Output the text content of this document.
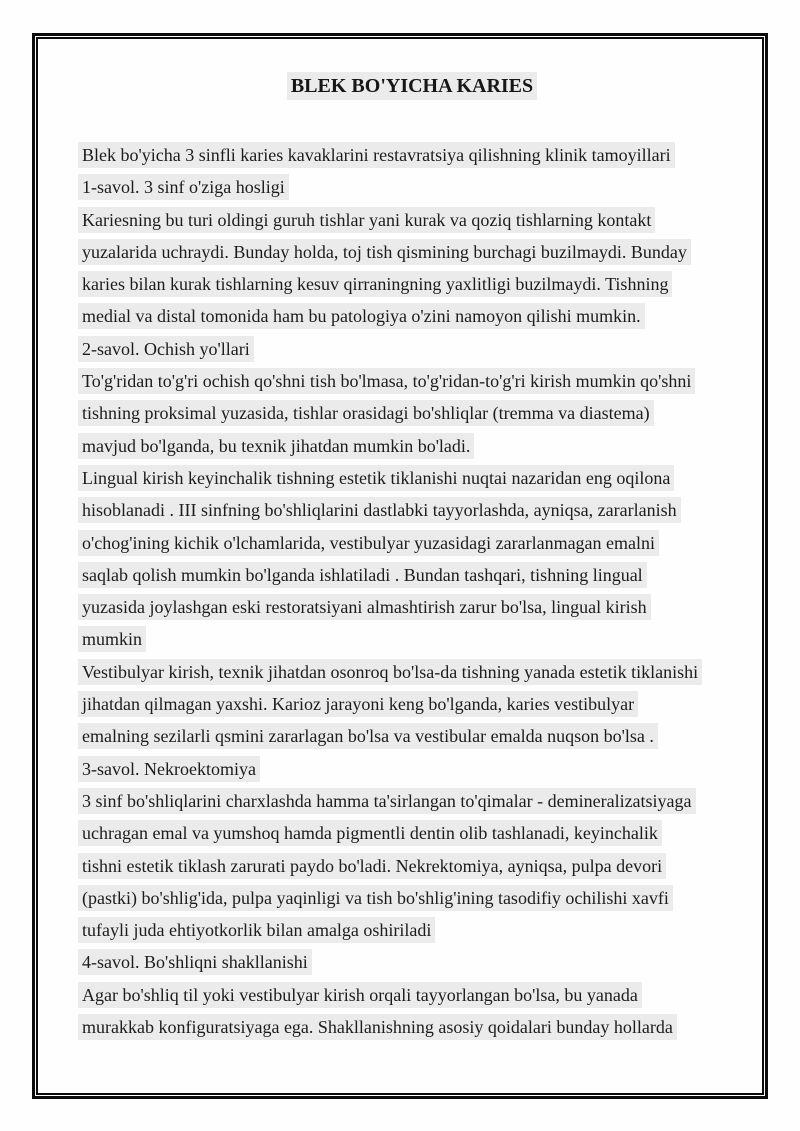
BLEK BO'YICHA KARIES
Blek bo'yicha 3 sinfli karies kavaklarini restavratsiya qilishning klinik tamoyillari
1-savol. 3 sinf o'ziga hosligi
Kariesning bu turi oldingi guruh tishlar yani kurak va qoziq tishlarning kontakt
yuzalarida uchraydi. Bunday holda, toj tish qismining burchagi buzilmaydi. Bunday
karies bilan kurak tishlarning kesuv qirraningning yaxlitligi buzilmaydi. Tishning
medial va distal tomonida ham bu patologiya o'zini namoyon qilishi mumkin.
2-savol. Ochish yo'llari
To'g'ridan to'g'ri ochish qo'shni tish bo'lmasa, to'g'ridan-to'g'ri kirish mumkin qo'shni
tishning proksimal yuzasida, tishlar orasidagi bo'shliqlar (tremma va diastema)
mavjud bo'lganda, bu texnik jihatdan mumkin bo'ladi.
Lingual kirish keyinchalik tishning estetik tiklanishi nuqtai nazaridan eng oqilona
hisoblanadi . III sinfning bo'shliqlarini dastlabki tayyorlashda, ayniqsa, zararlanish
o'chog'ining kichik o'lchamlarida, vestibulyar yuzasidagi zararlanmagan emalni
saqlab qolish mumkin bo'lganda ishlatiladi . Bundan tashqari, tishning lingual
yuzasida joylashgan eski restoratsiyani almashtirish zarur bo'lsa, lingual kirish
mumkin
Vestibulyar kirish, texnik jihatdan osonroq bo'lsa-da tishning yanada estetik tiklanishi
jihatdan qilmagan yaxshi. Karioz jarayoni keng bo'lganda, karies vestibulyar
emalning sezilarli qsmini zararlagan bo'lsa va vestibular emalda nuqson bo'lsa .
3-savol. Nekroektomiya
3 sinf bo'shliqlarini charxlashda hamma ta'sirlangan to'qimalar - demineralizatsiyaga
uchragan emal va yumshoq hamda pigmentli dentin olib tashlanadi, keyinchalik
tishni estetik tiklash zarurati paydo bo'ladi. Nekrektomiya, ayniqsa, pulpa devori
(pastki) bo'shlig'ida, pulpa yaqinligi va tish bo'shlig'ining tasodifiy ochilishi xavfi
tufayli juda ehtiyotkorlik bilan amalga oshiriladi
4-savol. Bo'shliqni shakllanishi
Agar bo'shliq til yoki vestibulyar kirish orqali tayyorlangan bo'lsa, bu yanada
murakkab konfiguratsiyaga ega. Shakllanishning asosiy qoidalari bunday hollarda
